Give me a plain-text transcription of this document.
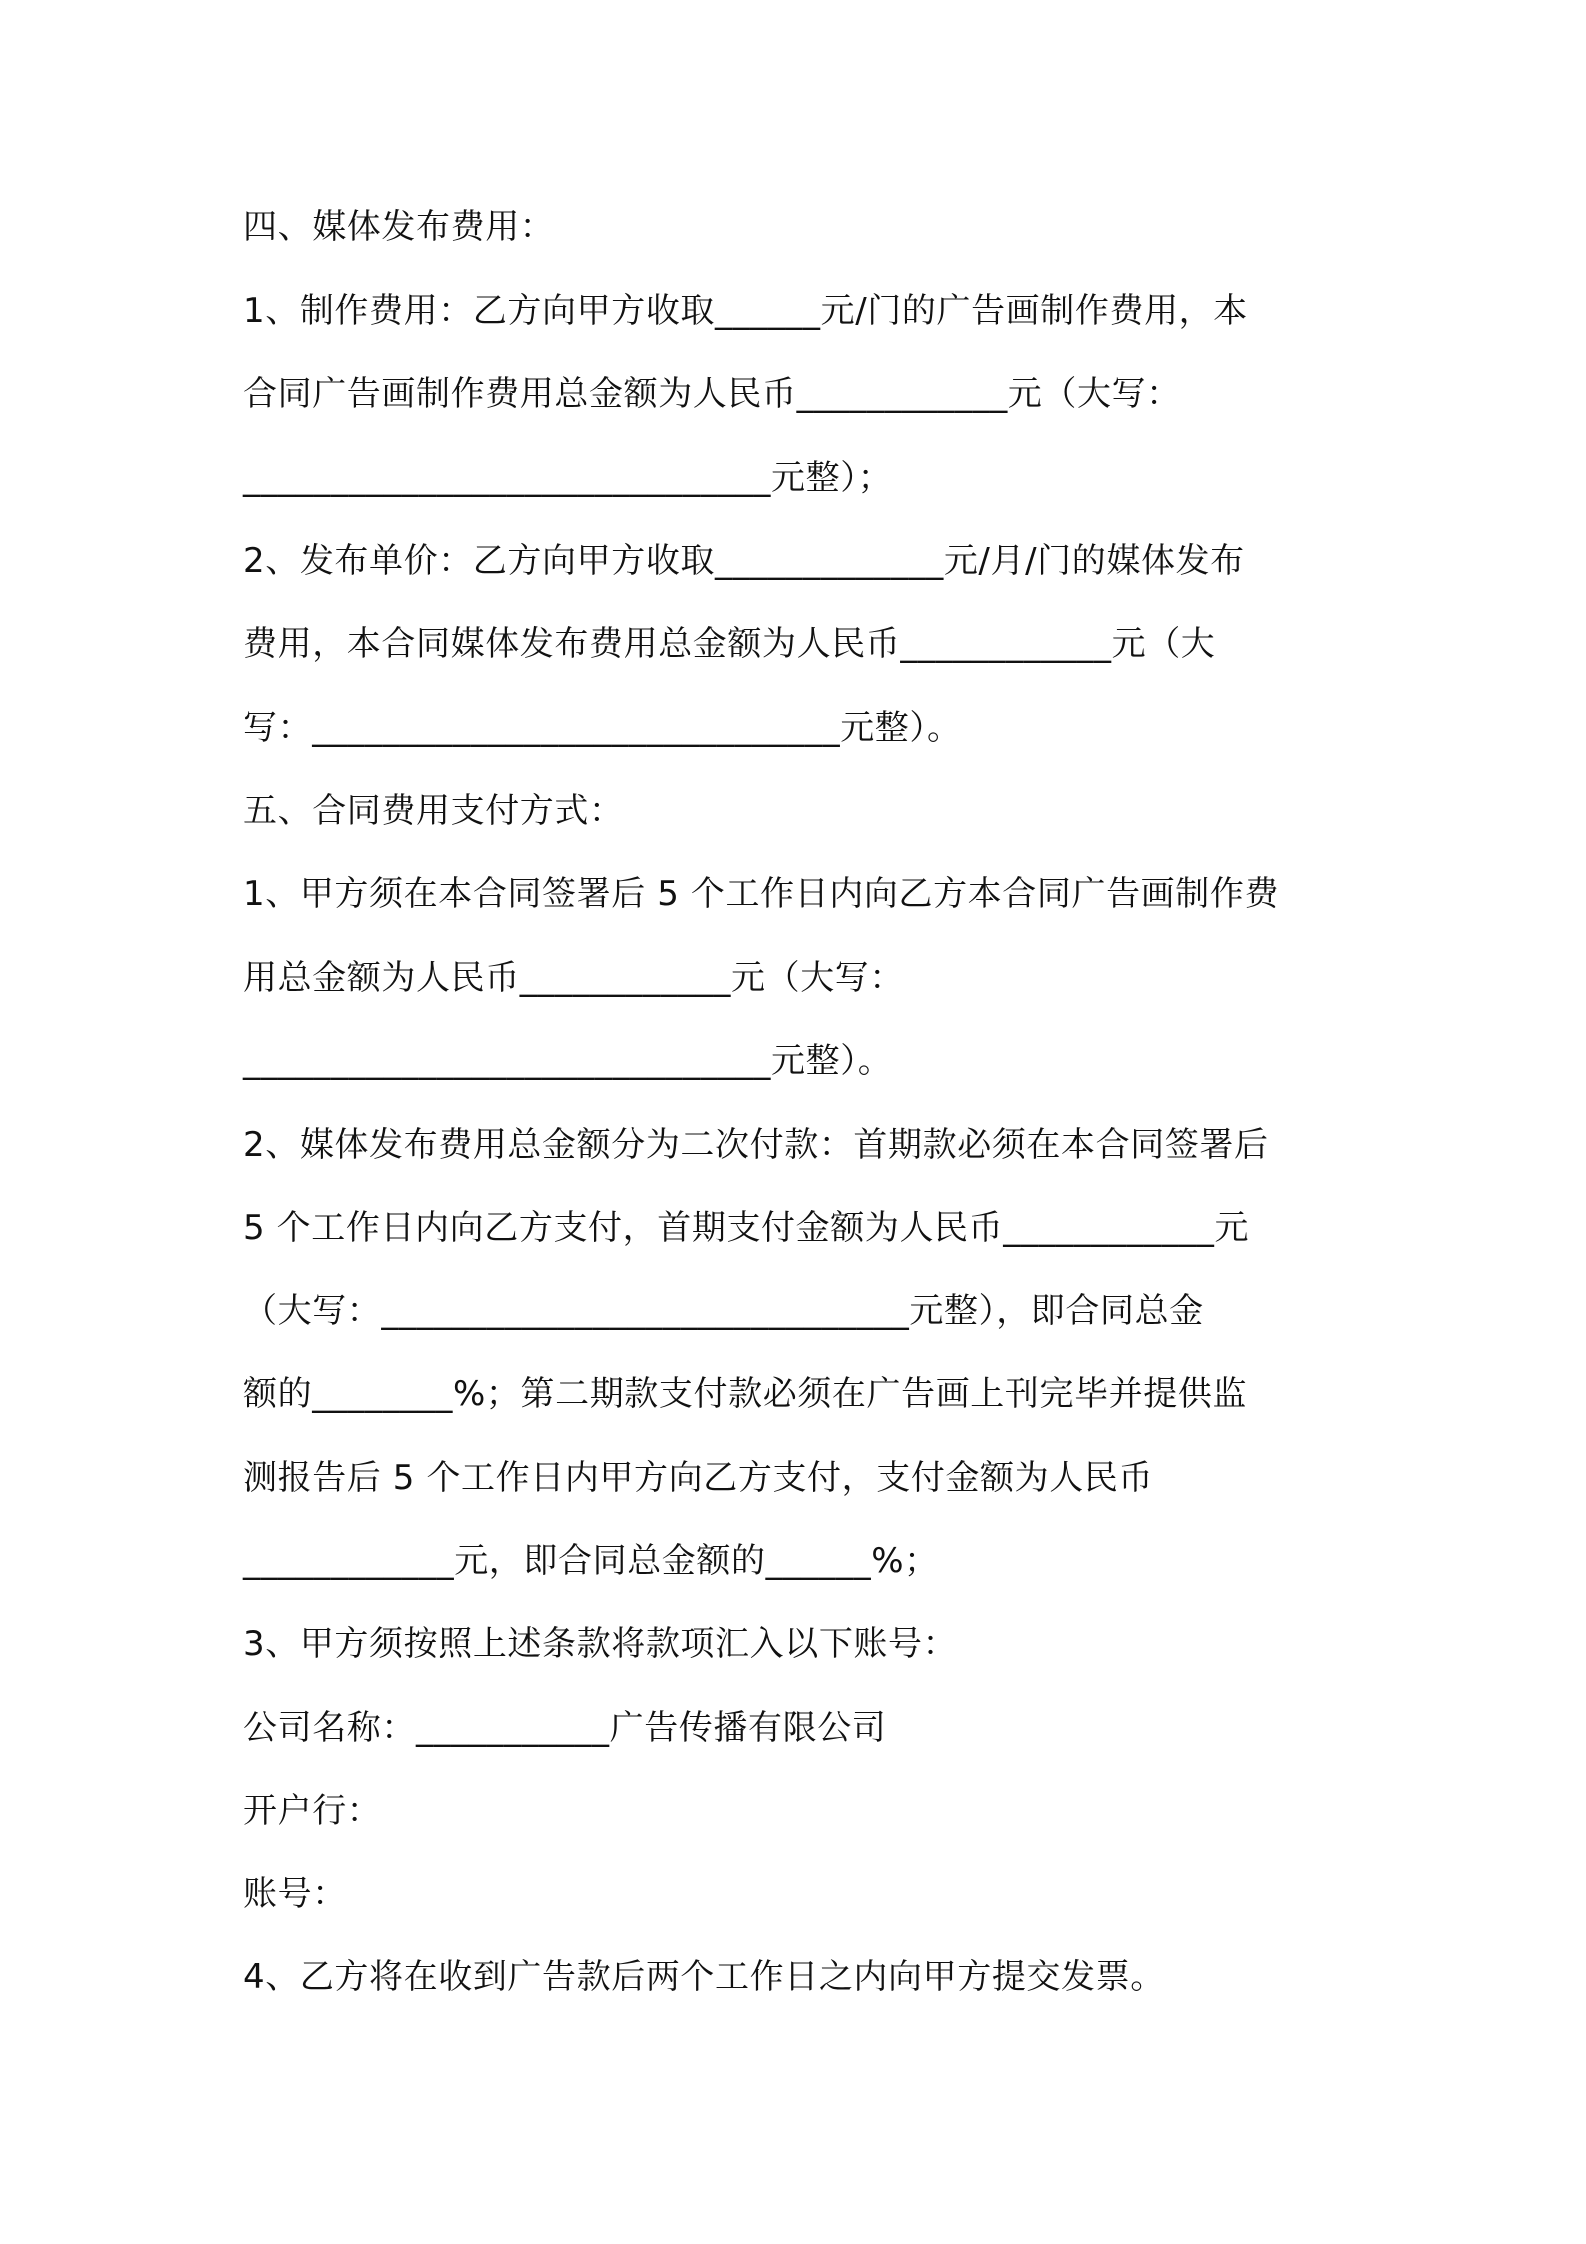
四、媒体发布费用：

1、制作费用：乙方向甲方收取______元/门的广告画制作费用，本

合同广告画制作费用总金额为人民币____________元（大写：

______________________________元整）；

2、发布单价：乙方向甲方收取_____________元/月/门的媒体发布

费用，本合同媒体发布费用总金额为人民币____________元（大

写：______________________________元整）。

五、合同费用支付方式：

1、甲方须在本合同签署后 5 个工作日内向乙方本合同广告画制作费

用总金额为人民币____________元（大写：

______________________________元整）。

2、媒体发布费用总金额分为二次付款：首期款必须在本合同签署后

5 个工作日内向乙方支付，首期支付金额为人民币____________元

（大写：______________________________元整），即合同总金

额的________%；第二期款支付款必须在广告画上刊完毕并提供监

测报告后 5 个工作日内甲方向乙方支付，支付金额为人民币

____________元，即合同总金额的______%；

3、甲方须按照上述条款将款项汇入以下账号：

公司名称：___________广告传播有限公司

开户行：

账号：

4、乙方将在收到广告款后两个工作日之内向甲方提交发票。
